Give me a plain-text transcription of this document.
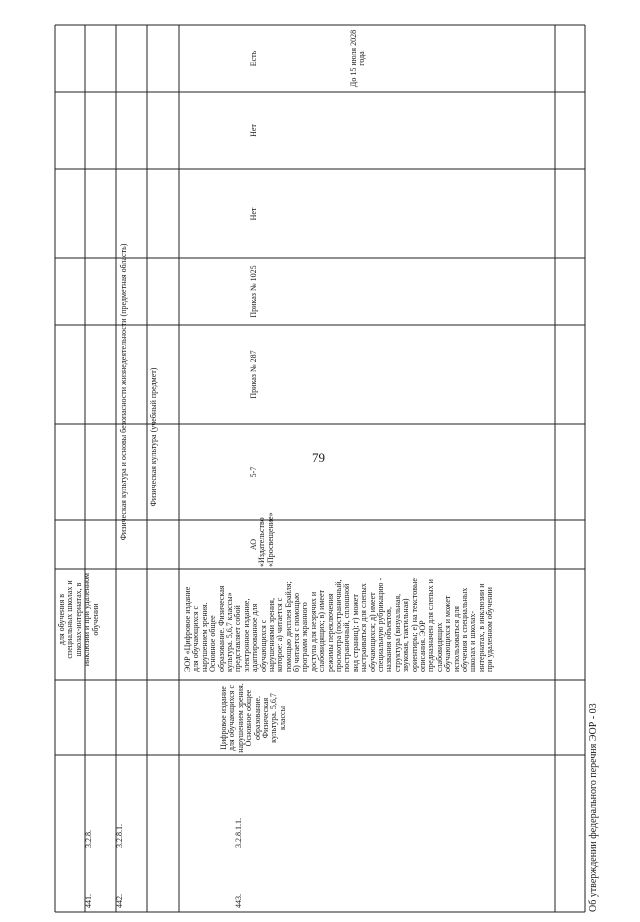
79
для обучения в специальных школах и школах-интернатах, в инклюзии и при удаленном обучении
441.
3.2.8.
Физическая культура и основы безопасности жизнедеятельности (предметная область)
442.
3.2.8.1.
Физическая культура (учебный предмет)
443.
3.2.8.1.1.
Цифровое издание для обучающихся с нарушением зрения. Основное общее образование. Физическая культура. 5,6,7 классы
ЭОР «Цифровое издание для обучающихся с нарушением зрения. Основное общее образование. Физическая культура. 5,6,7 классы» представляет собой электронное издание, адаптированное для обучающихся с нарушениями зрения, которое: а) читается с помощью дисплея Брайля; б) читается с помощью программ экранного доступа для незрячих и слабовидящих; в) имеет режимы переключения просмотра (постраничный, постраничный, сплошной вид страниц); г) может настраиваться для слепых обучающихся; д) имеет специальную рубрикацию - названия объектов, структура (визуальная, звуковая, тактильная) ориентиры; е) на текстовые описания. ЭОР предназначен для слепых и слабовидящих обучающихся и может использоваться для обучения в специальных школах и школах-интернатах, в инклюзии и при удаленном обучении
АО «Издательство «Просвещение»
5-7
Приказ № 287
Приказ № 1025
Нет
Нет
Есть	До 15 июля 2028 года
Об утверждении федерального перечня ЭОР - 03
